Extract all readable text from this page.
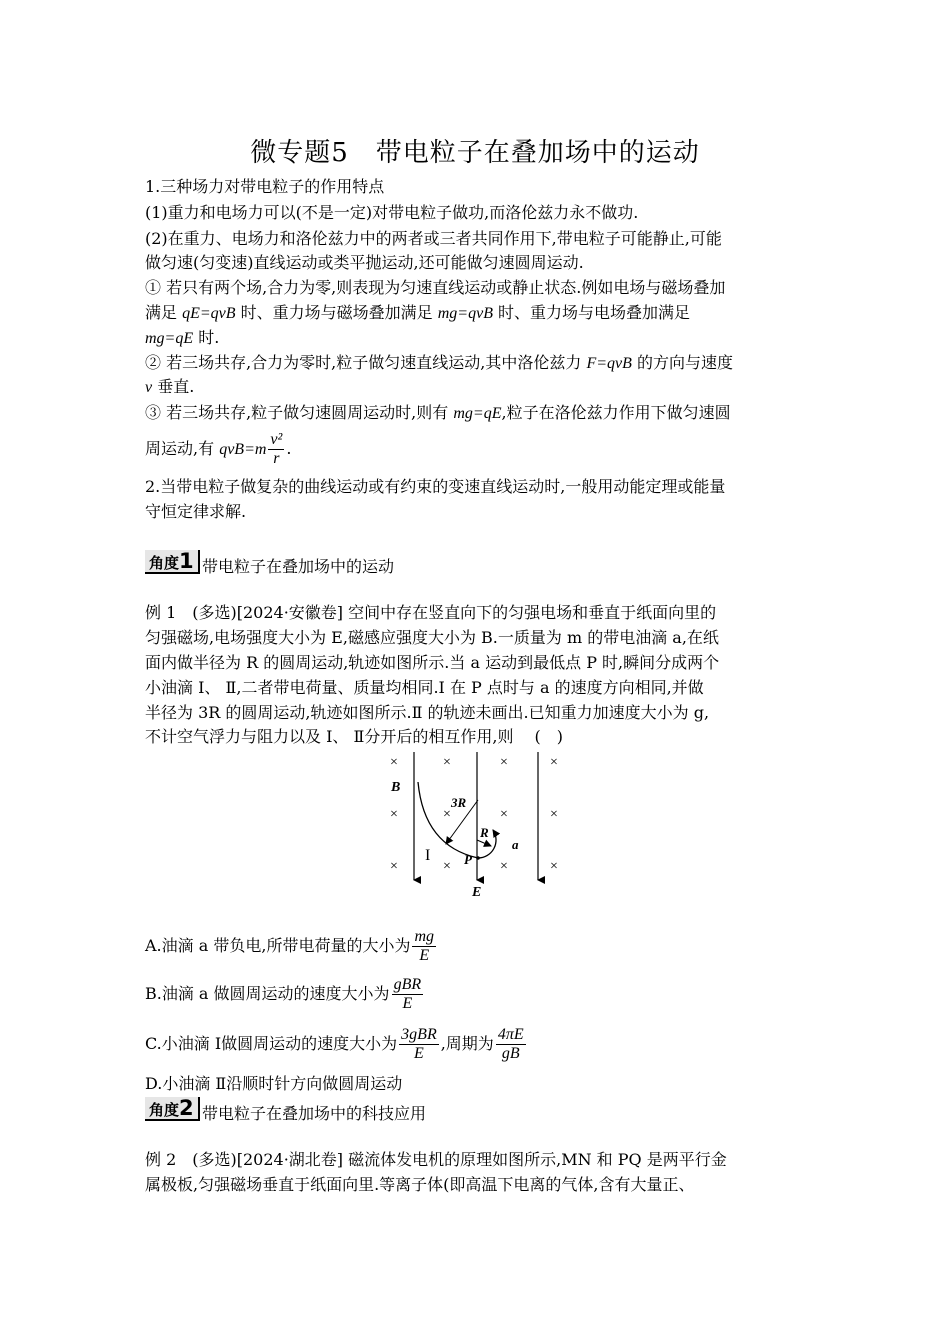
微专题5　带电粒子在叠加场中的运动
1.三种场力对带电粒子的作用特点
(1)重力和电场力可以(不是一定)对带电粒子做功,而洛伦兹力永不做功.
(2)在重力、电场力和洛伦兹力中的两者或三者共同作用下,带电粒子可能静止,可能
做匀速(匀变速)直线运动或类平抛运动,还可能做匀速圆周运动.
① 若只有两个场,合力为零,则表现为匀速直线运动或静止状态.例如电场与磁场叠加
满足 qE=qvB 时、重力场与磁场叠加满足 mg=qvB 时、重力场与电场叠加满足
mg=qE 时.
② 若三场共存,合力为零时,粒子做匀速直线运动,其中洛伦兹力 F=qvB 的方向与速度
v 垂直.
③ 若三场共存,粒子做匀速圆周运动时,则有 mg=qE,粒子在洛伦兹力作用下做匀速圆
周运动,有 $qvB=m \frac{\text{v²}}{r}$ .
2.当带电粒子做复杂的曲线运动或有约束的变速直线运动时,一般用动能定理或能量
守恒定律求解.
角度1 带电粒子在叠加场中的运动
例 1　(多选)[2024·安徽卷] 空间中存在竖直向下的匀强电场和垂直于纸面向里的
匀强磁场,电场强度大小为 E,磁感应强度大小为 B.一质量为 m 的带电油滴 a,在纸
面内做半径为 R 的圆周运动,轨迹如图所示.当 a 运动到最低点 P 时,瞬间分成两个
小油滴 Ⅰ、 Ⅱ,二者带电荷量、质量均相同.Ⅰ 在 P 点时与 a 的速度方向相同,并做
半径为 3R 的圆周运动,轨迹如图所示.Ⅱ 的轨迹未画出.已知重力加速度大小为 g,
不计空气浮力与阻力以及 Ⅰ、 Ⅱ分开后的相互作用,则　 (　)
×	×	×	×
×	×	×	×
×	×	×	×
B
E
3R
R
a
I	P
A.油滴 a 带负电,所带电荷量的大小为 $\frac{mg}{E}$
B.油滴 a 做圆周运动的速度大小为 $\frac{\text{gBR}}{E}$
C.小油滴 Ⅰ做圆周运动的速度大小为 $\frac{\text{3gBR}}{E}$ ,周期为 $\frac{4\pi E}{gB}$
D.小油滴 Ⅱ沿顺时针方向做圆周运动
角度2 带电粒子在叠加场中的科技应用
例 2　(多选)[2024·湖北卷] 磁流体发电机的原理如图所示,MN 和 PQ 是两平行金
属极板,匀强磁场垂直于纸面向里.等离子体(即高温下电离的气体,含有大量正、
